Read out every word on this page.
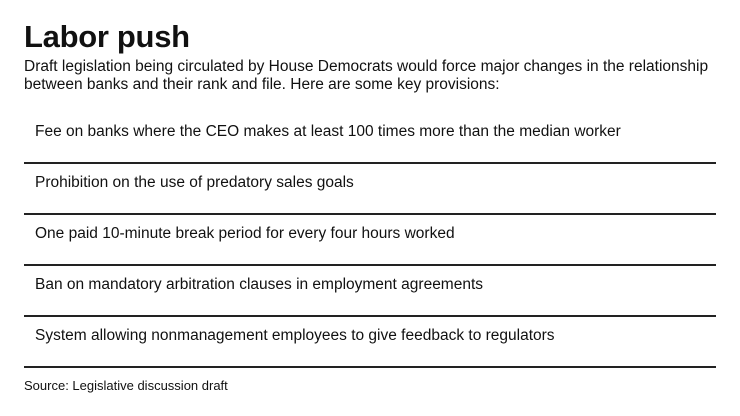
Labor push
Draft legislation being circulated by House Democrats would force major changes in the relationship between banks and their rank and file. Here are some key provisions:
Fee on banks where the CEO makes at least 100 times more than the median worker
Prohibition on the use of predatory sales goals
One paid 10-minute break period for every four hours worked
Ban on mandatory arbitration clauses in employment agreements
System allowing nonmanagement employees to give feedback to regulators
Source: Legislative discussion draft
